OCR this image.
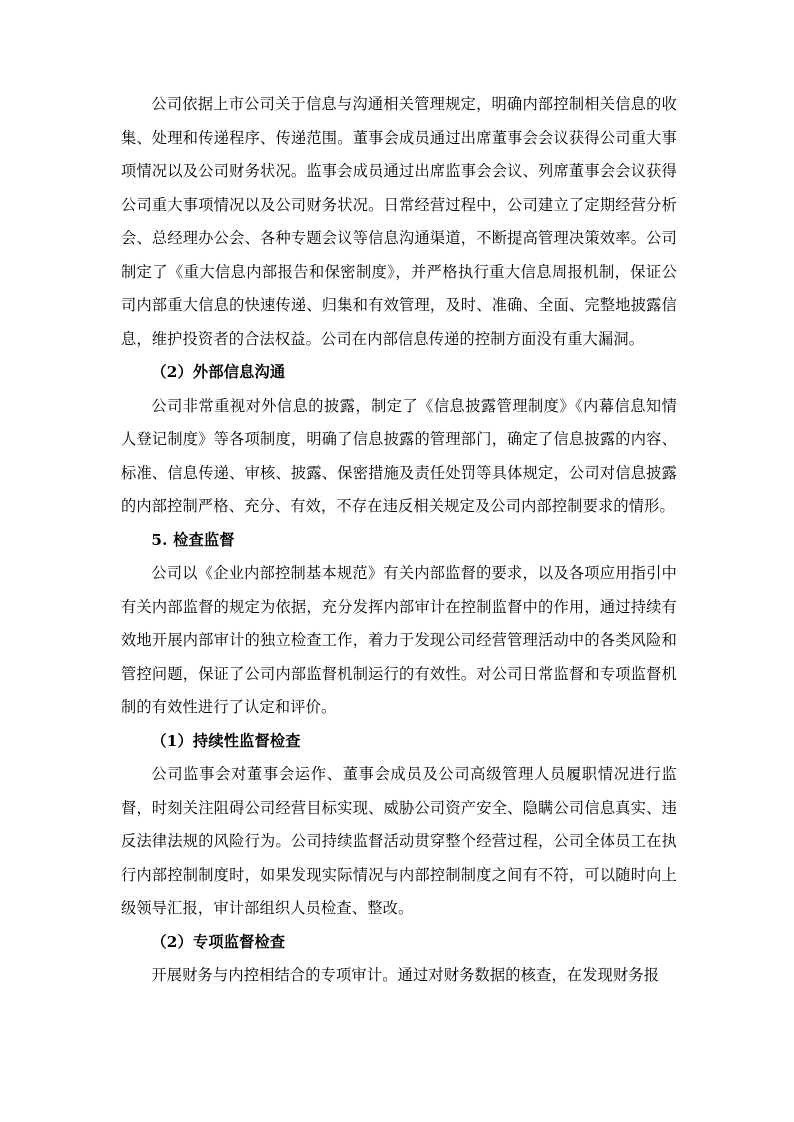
公司依据上市公司关于信息与沟通相关管理规定，明确内部控制相关信息的收集、处理和传递程序、传递范围。董事会成员通过出席董事会会议获得公司重大事项情况以及公司财务状况。监事会成员通过出席监事会会议、列席董事会会议获得公司重大事项情况以及公司财务状况。日常经营过程中，公司建立了定期经营分析会、总经理办公会、各种专题会议等信息沟通渠道，不断提高管理决策效率。公司制定了《重大信息内部报告和保密制度》，并严格执行重大信息周报机制，保证公司内部重大信息的快速传递、归集和有效管理，及时、准确、全面、完整地披露信息，维护投资者的合法权益。公司在内部信息传递的控制方面没有重大漏洞。

（2）外部信息沟通

公司非常重视对外信息的披露，制定了《信息披露管理制度》《内幕信息知情人登记制度》等各项制度，明确了信息披露的管理部门，确定了信息披露的内容、标准、信息传递、审核、披露、保密措施及责任处罚等具体规定，公司对信息披露的内部控制严格、充分、有效，不存在违反相关规定及公司内部控制要求的情形。

5. 检查监督

公司以《企业内部控制基本规范》有关内部监督的要求，以及各项应用指引中有关内部监督的规定为依据，充分发挥内部审计在控制监督中的作用，通过持续有效地开展内部审计的独立检查工作，着力于发现公司经营管理活动中的各类风险和管控问题，保证了公司内部监督机制运行的有效性。对公司日常监督和专项监督机制的有效性进行了认定和评价。

（1）持续性监督检查

公司监事会对董事会运作、董事会成员及公司高级管理人员履职情况进行监督，时刻关注阻碍公司经营目标实现、威胁公司资产安全、隐瞒公司信息真实、违反法律法规的风险行为。公司持续监督活动贯穿整个经营过程，公司全体员工在执行内部控制制度时，如果发现实际情况与内部控制制度之间有不符，可以随时向上级领导汇报，审计部组织人员检查、整改。

（2）专项监督检查

开展财务与内控相结合的专项审计。通过对财务数据的核查，在发现财务报
